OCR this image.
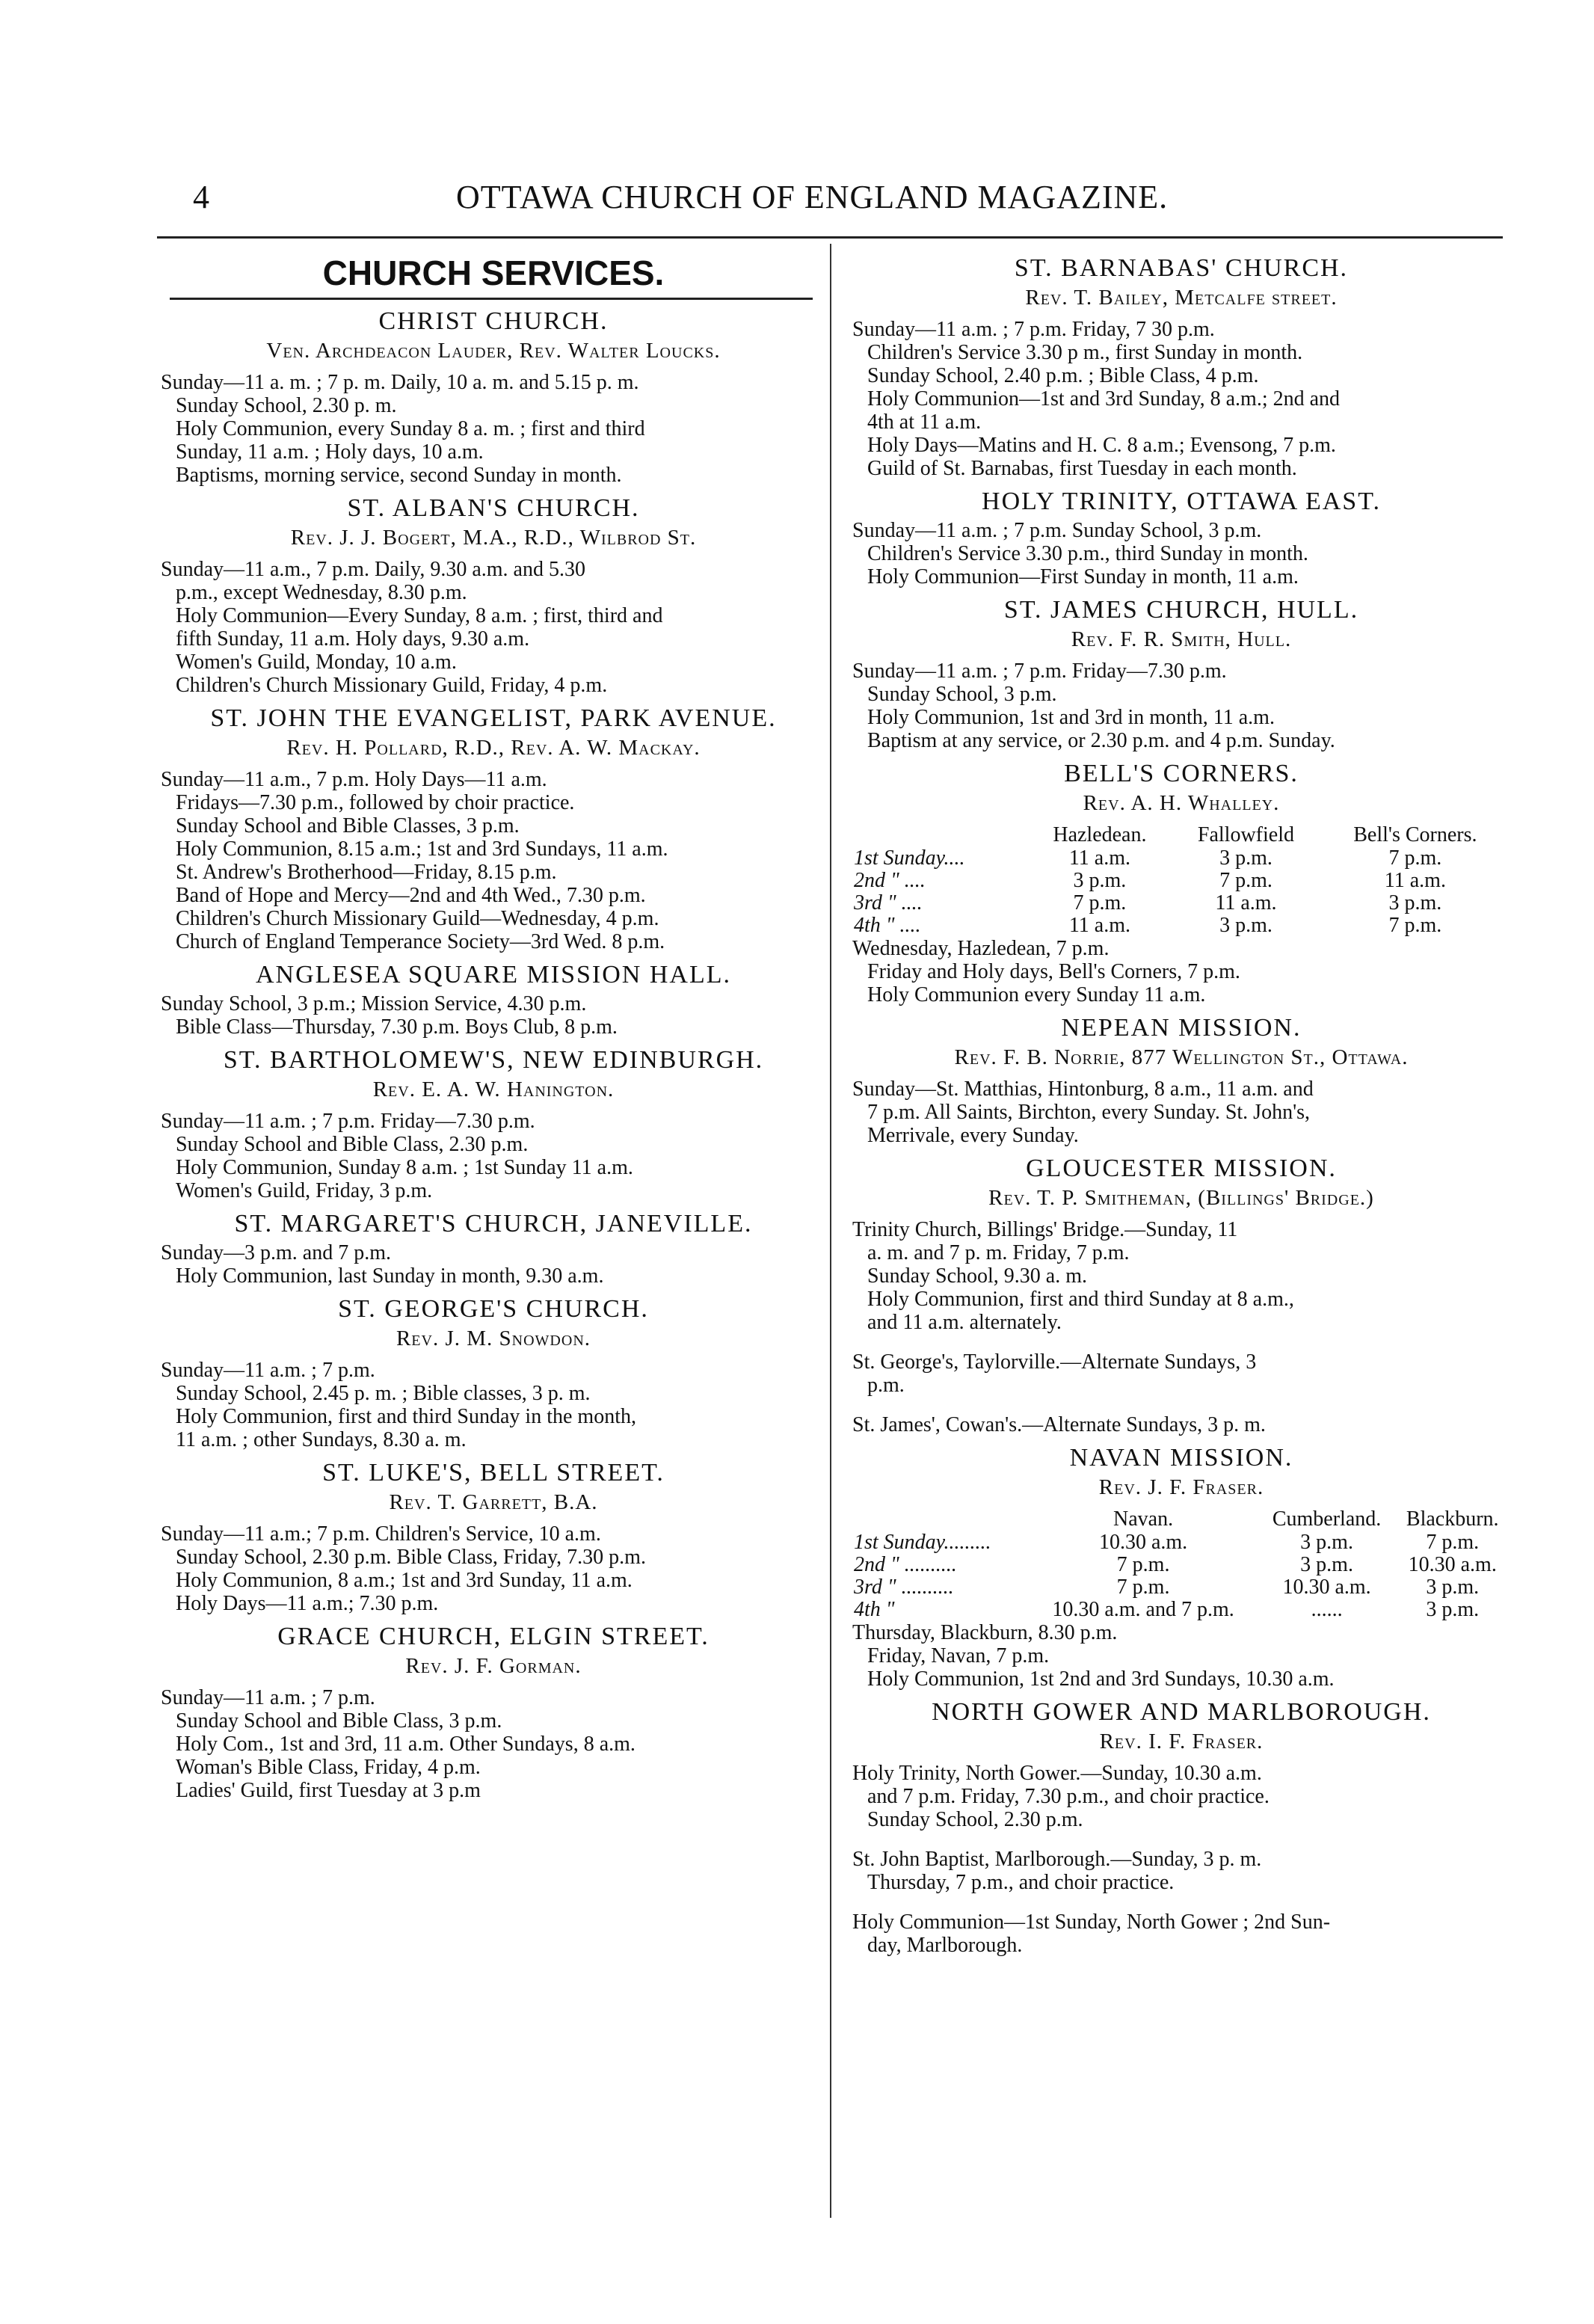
4	OTTAWA CHURCH OF ENGLAND MAGAZINE.
CHURCH SERVICES.
CHRIST CHURCH.
Ven. Archdeacon Lauder, Rev. Walter Loucks.

Sunday—11 a. m. ; 7 p. m. Daily, 10 a. m. and 5.15 p. m.

Sunday School, 2.30 p. m.

Holy Communion, every Sunday 8 a. m. ; first and third

Sunday, 11 a.m. ; Holy days, 10 a.m.

Baptisms, morning service, second Sunday in month.

ST. ALBAN'S CHURCH.
Rev. J. J. Bogert, M.A., R.D., Wilbrod St.

Sunday—11 a.m., 7 p.m. Daily, 9.30 a.m. and 5.30

p.m., except Wednesday, 8.30 p.m.

Holy Communion—Every Sunday, 8 a.m. ; first, third and

fifth Sunday, 11 a.m. Holy days, 9.30 a.m.

Women's Guild, Monday, 10 a.m.

Children's Church Missionary Guild, Friday, 4 p.m.

ST. JOHN THE EVANGELIST, PARK AVENUE.
Rev. H. Pollard, R.D., Rev. A. W. Mackay.

Sunday—11 a.m., 7 p.m. Holy Days—11 a.m.

Fridays—7.30 p.m., followed by choir practice.

Sunday School and Bible Classes, 3 p.m.

Holy Communion, 8.15 a.m.; 1st and 3rd Sundays, 11 a.m.

St. Andrew's Brotherhood—Friday, 8.15 p.m.

Band of Hope and Mercy—2nd and 4th Wed., 7.30 p.m.

Children's Church Missionary Guild—Wednesday, 4 p.m.

Church of England Temperance Society—3rd Wed. 8 p.m.

ANGLESEA SQUARE MISSION HALL.

Sunday School, 3 p.m.; Mission Service, 4.30 p.m.

Bible Class—Thursday, 7.30 p.m. Boys Club, 8 p.m.

ST. BARTHOLOMEW'S, NEW EDINBURGH.
Rev. E. A. W. Hanington.

Sunday—11 a.m. ; 7 p.m. Friday—7.30 p.m.

Sunday School and Bible Class, 2.30 p.m.

Holy Communion, Sunday 8 a.m. ; 1st Sunday 11 a.m.

Women's Guild, Friday, 3 p.m.

ST. MARGARET'S CHURCH, JANEVILLE.

Sunday—3 p.m. and 7 p.m.

Holy Communion, last Sunday in month, 9.30 a.m.

ST. GEORGE'S CHURCH.
Rev. J. M. Snowdon.

Sunday—11 a.m. ; 7 p.m.

Sunday School, 2.45 p. m. ; Bible classes, 3 p. m.

Holy Communion, first and third Sunday in the month,

11 a.m. ; other Sundays, 8.30 a. m.

ST. LUKE'S, BELL STREET.
Rev. T. Garrett, B.A.

Sunday—11 a.m.; 7 p.m. Children's Service, 10 a.m.

Sunday School, 2.30 p.m. Bible Class, Friday, 7.30 p.m.

Holy Communion, 8 a.m.; 1st and 3rd Sunday, 11 a.m.

Holy Days—11 a.m.; 7.30 p.m.

GRACE CHURCH, ELGIN STREET.
Rev. J. F. Gorman.

Sunday—11 a.m. ; 7 p.m.

Sunday School and Bible Class, 3 p.m.

Holy Com., 1st and 3rd, 11 a.m. Other Sundays, 8 a.m.

Woman's Bible Class, Friday, 4 p.m.

Ladies' Guild, first Tuesday at 3 p.m

ST. BARNABAS' CHURCH.
Rev. T. Bailey, Metcalfe street.

Sunday—11 a.m. ; 7 p.m. Friday, 7 30 p.m.

Children's Service 3.30 p m., first Sunday in month.

Sunday School, 2.40 p.m. ; Bible Class, 4 p.m.

Holy Communion—1st and 3rd Sunday, 8 a.m.; 2nd and

4th at 11 a.m.

Holy Days—Matins and H. C. 8 a.m.; Evensong, 7 p.m.

Guild of St. Barnabas, first Tuesday in each month.

HOLY TRINITY, OTTAWA EAST.

Sunday—11 a.m. ; 7 p.m. Sunday School, 3 p.m.

Children's Service 3.30 p.m., third Sunday in month.

Holy Communion—First Sunday in month, 11 a.m.

ST. JAMES CHURCH, HULL.
Rev. F. R. Smith, Hull.

Sunday—11 a.m. ; 7 p.m. Friday—7.30 p.m.

Sunday School, 3 p.m.

Holy Communion, 1st and 3rd in month, 11 a.m.

Baptism at any service, or 2.30 p.m. and 4 p.m. Sunday.

BELL'S CORNERS.
Rev. A. H. Whalley.
	Hazledean.	Fallowfield	Bell's Corners.
1st Sunday....	11 a.m.	3 p.m.	7 p.m.
2nd " ....	3 p.m.	7 p.m.	11 a.m.
3rd " ....	7 p.m.	11 a.m.	3 p.m.
4th " ....	11 a.m.	3 p.m.	7 p.m.

Wednesday, Hazledean, 7 p.m.

Friday and Holy days, Bell's Corners, 7 p.m.

Holy Communion every Sunday 11 a.m.

NEPEAN MISSION.
Rev. F. B. Norrie, 877 Wellington St., Ottawa.

Sunday—St. Matthias, Hintonburg, 8 a.m., 11 a.m. and

7 p.m. All Saints, Birchton, every Sunday. St. John's,

Merrivale, every Sunday.

GLOUCESTER MISSION.
Rev. T. P. Smitheman, (Billings' Bridge.)

Trinity Church, Billings' Bridge.—Sunday, 11

a. m. and 7 p. m. Friday, 7 p.m.

Sunday School, 9.30 a. m.

Holy Communion, first and third Sunday at 8 a.m.,

and 11 a.m. alternately.

St. George's, Taylorville.—Alternate Sundays, 3

p.m.

St. James', Cowan's.—Alternate Sundays, 3 p. m.

NAVAN MISSION.
Rev. J. F. Fraser.
	Navan.	Cumberland.	Blackburn.
1st Sunday.........	10.30 a.m.	3 p.m.	7 p.m.
2nd " ..........	7 p.m.	3 p.m.	10.30 a.m.
3rd " ..........	7 p.m.	10.30 a.m.	3 p.m.
4th "	10.30 a.m. and 7 p.m.	......	3 p.m.

Thursday, Blackburn, 8.30 p.m.

Friday, Navan, 7 p.m.

Holy Communion, 1st 2nd and 3rd Sundays, 10.30 a.m.

NORTH GOWER AND MARLBOROUGH.
Rev. I. F. Fraser.

Holy Trinity, North Gower.—Sunday, 10.30 a.m.

and 7 p.m. Friday, 7.30 p.m., and choir practice.

Sunday School, 2.30 p.m.

St. John Baptist, Marlborough.—Sunday, 3 p. m.

Thursday, 7 p.m., and choir practice.

Holy Communion—1st Sunday, North Gower ; 2nd Sun-

day, Marlborough.
